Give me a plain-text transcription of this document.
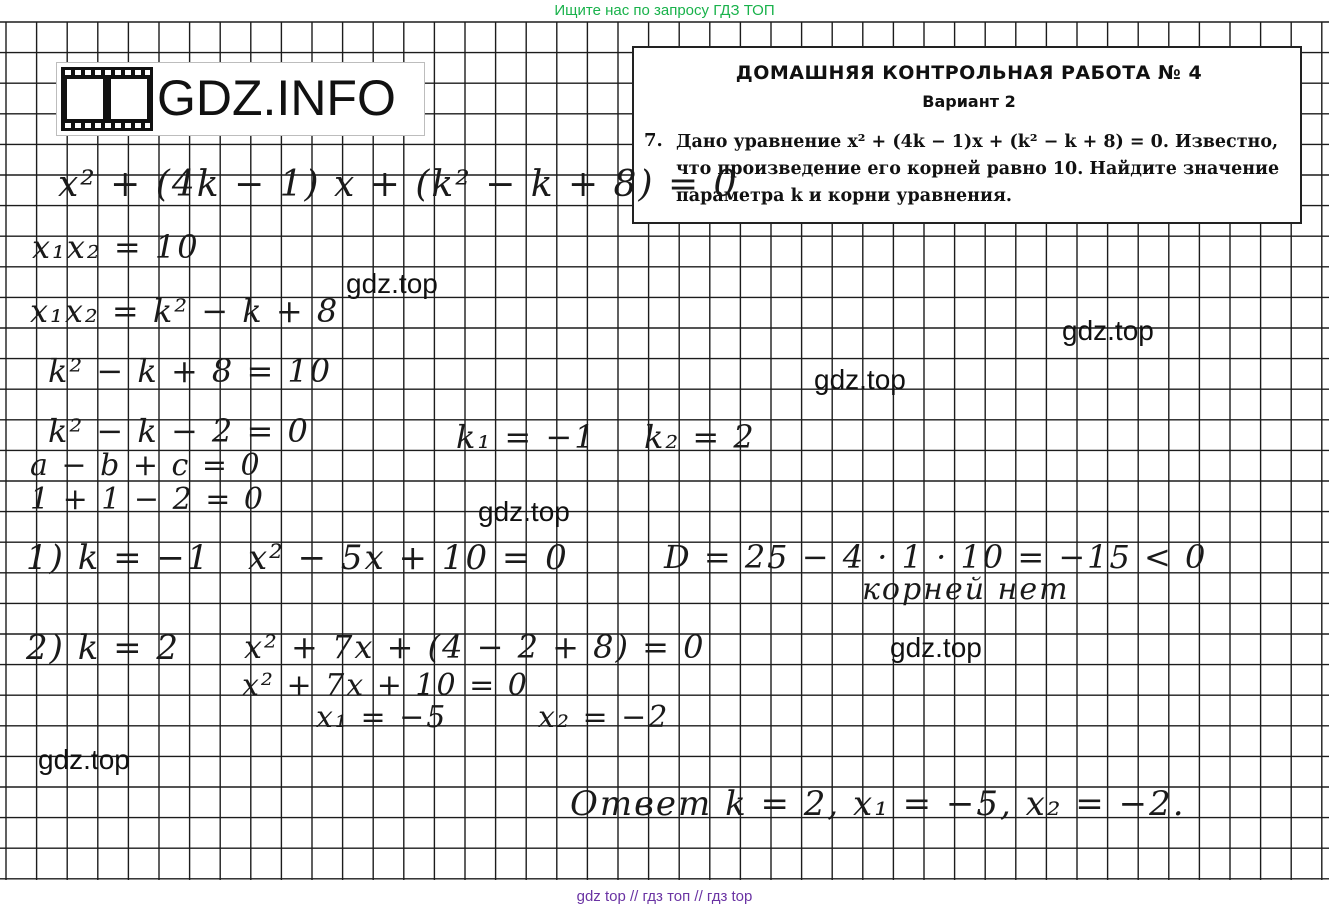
Ищите нас по запросу ГДЗ ТОП
GDZ.INFO	ДОМАШНЯЯ КОНТРОЛЬНАЯ РАБОТА № 4
Вариант 2
7. Дано уравнение x² + (4k − 1)x + (k² − k + 8) = 0. Известно,
что произведение его корней равно 10. Найдите значение
параметра k и корни уравнения.
x² + (4k − 1) x + (k² − k + 8) = 0
x₁x₂ = 10
x₁x₂ = k² − k + 8
k² − k + 8 = 10
k² − k − 2 = 0	k₁ = −1 k₂ = 2
a − b + c = 0
1 + 1 − 2 = 0
1) k = −1 x² − 5x + 10 = 0	D = 25 − 4 · 1 · 10 = −15 < 0
корней нет
2) k = 2 x² + 7x + (4 − 2 + 8) = 0
x² + 7x + 10 = 0
x₁ = −5	x₂ = −2
Ответ k = 2, x₁ = −5, x₂ = −2.
gdz.top
gdz.top
gdz.top
gdz.top
gdz.top
gdz.top
gdz top // гдз топ // гдз top
